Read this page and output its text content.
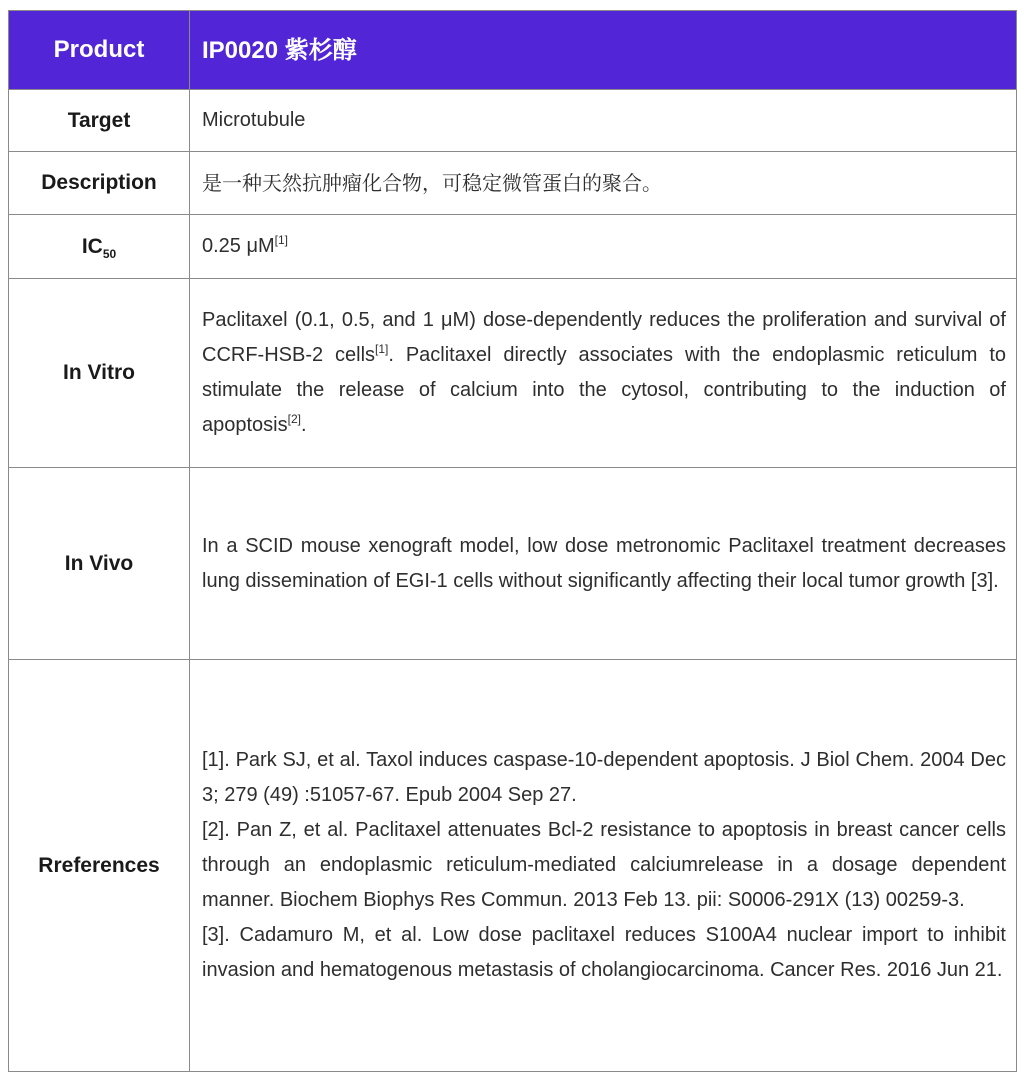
Product	IP0020 紫杉醇
Target	Microtubule
Description	是一种天然抗肿瘤化合物，可稳定微管蛋白的聚合。
$IC_{50}$	0.25 μM[1]
In Vitro	Paclitaxel (0.1, 0.5, and 1 μM) dose-dependently reduces the proliferation and survival of CCRF-HSB-2 cells[1]. Paclitaxel directly associates with the endoplasmic reticulum to stimulate the release of calcium into the cytosol, contributing to the induction of apoptosis[2].
In Vivo	In a SCID mouse xenograft model, low dose metronomic Paclitaxel treatment decreases lung dissemination of EGI-1 cells without significantly affecting their local tumor growth [3].
Rreferences	[1]. Park SJ, et al. Taxol induces caspase-10-dependent apoptosis. J Biol Chem. 2004 Dec 3; 279 (49) :51057-67. Epub 2004 Sep 27.
[2]. Pan Z, et al. Paclitaxel attenuates Bcl-2 resistance to apoptosis in breast cancer cells through an endoplasmic reticulum-mediated calciumrelease in a dosage dependent manner. Biochem Biophys Res Commun. 2013 Feb 13. pii: S0006-291X (13) 00259-3.
[3]. Cadamuro M, et al. Low dose paclitaxel reduces S100A4 nuclear import to inhibit invasion and hematogenous metastasis of cholangiocarcinoma. Cancer Res. 2016 Jun 21.
